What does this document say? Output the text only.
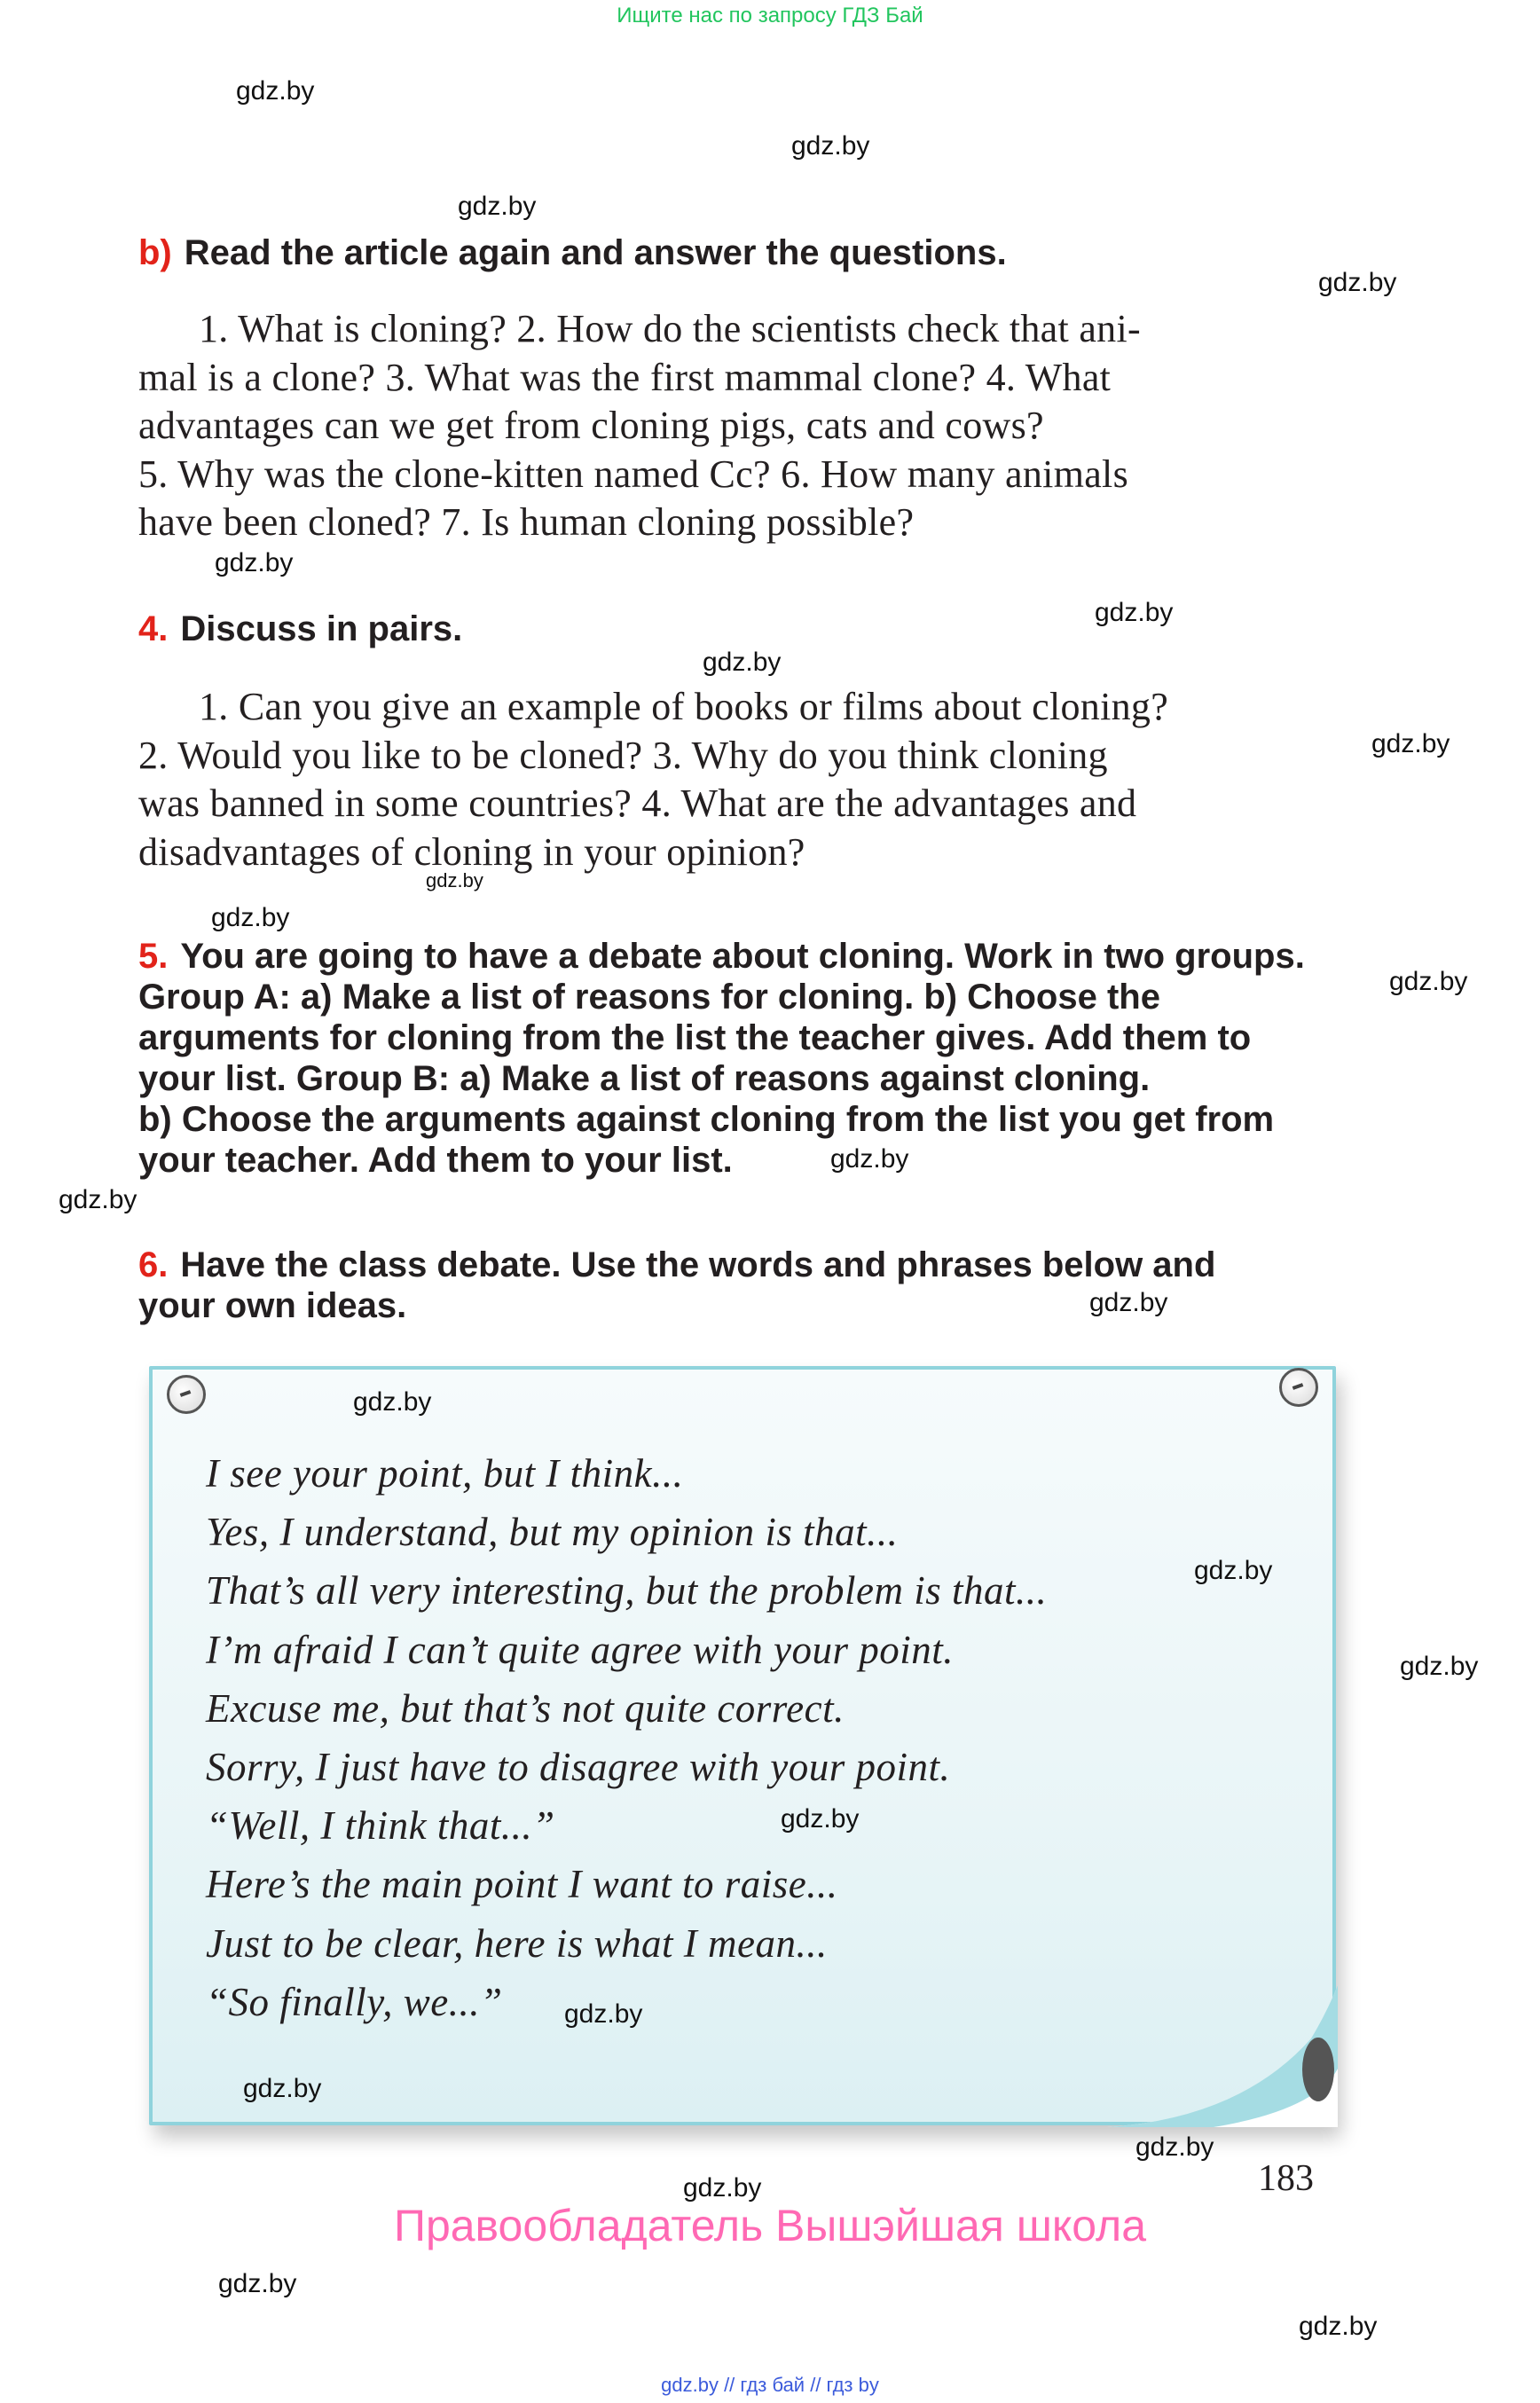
Ищите нас по запросу ГДЗ Бай
gdz.by
gdz.by
gdz.by
gdz.by
gdz.by
gdz.by
gdz.by
gdz.by
gdz.by
gdz.by
gdz.by
gdz.by
gdz.by
gdz.by
b) Read the article again and answer the questions.
1. What is cloning? 2. How do the scientists check that ani-
mal is a clone? 3. What was the first mammal clone? 4. What
advantages can we get from cloning pigs, cats and cows?
5. Why was the clone-kitten named Cc? 6. How many animals
have been cloned? 7. Is human cloning possible?
4. Discuss in pairs.
1. Can you give an example of books or films about cloning?
2. Would you like to be cloned? 3. Why do you think cloning
was banned in some countries? 4. What are the advantages and
disadvantages of cloning in your opinion?
5. You are going to have a debate about cloning. Work in two groups.
Group A: a) Make a list of reasons for cloning. b) Choose the
arguments for cloning from the list the teacher gives. Add them to
your list. Group B: a) Make a list of reasons against cloning.
b) Choose the arguments against cloning from the list you get from
your teacher. Add them to your list.
6. Have the class debate. Use the words and phrases below and
your own ideas.
gdz.by
gdz.by
gdz.by
gdz.by
gdz.by
gdz.by
I see your point, but I think...
Yes, I understand, but my opinion is that...
That’s all very interesting, but the problem is that...
I’m afraid I can’t quite agree with your point.
Excuse me, but that’s not quite correct.
Sorry, I just have to disagree with your point.
“Well, I think that...”
Here’s the main point I want to raise...
Just to be clear, here is what I mean...
“So finally, we...”
gdz.by
gdz.by	183
Правообладатель Вышэйшая школа
gdz.by
gdz.by
gdz.by // гдз бай // гдз by
